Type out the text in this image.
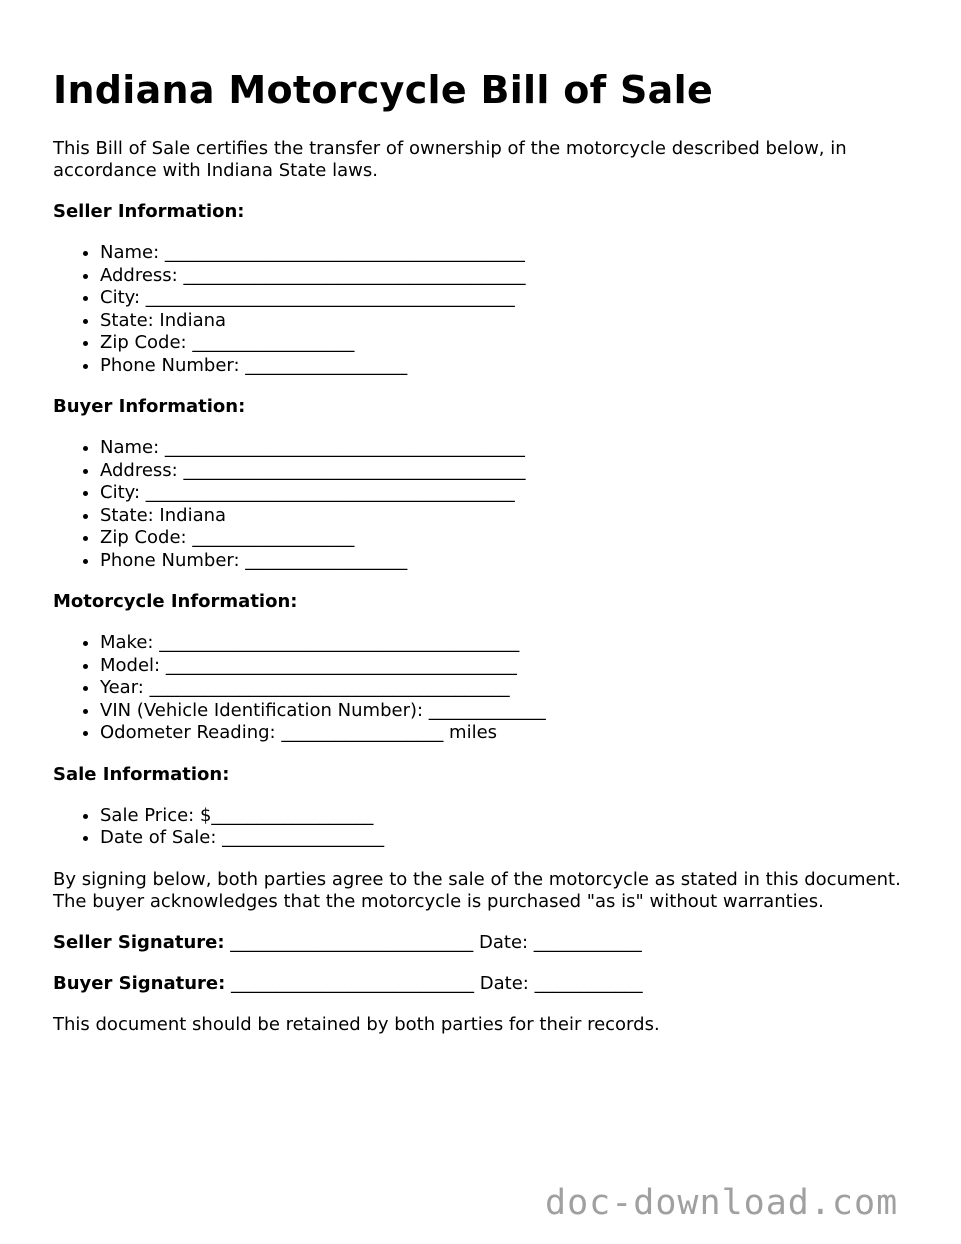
Indiana Motorcycle Bill of Sale

This Bill of Sale certifies the transfer of ownership of the motorcycle described below, in accordance with Indiana State laws.

Seller Information:
• Name: ________________________________________
• Address: ______________________________________
• City: _________________________________________
• State: Indiana
• Zip Code: __________________
• Phone Number: __________________
Buyer Information:
• Name: ________________________________________
• Address: ______________________________________
• City: _________________________________________
• State: Indiana
• Zip Code: __________________
• Phone Number: __________________
Motorcycle Information:
• Make: ________________________________________
• Model: _______________________________________
• Year: ________________________________________
• VIN (Vehicle Identification Number): _____________
• Odometer Reading: __________________ miles
Sale Information:
• Sale Price: $__________________
• Date of Sale: __________________

By signing below, both parties agree to the sale of the motorcycle as stated in this document. The buyer acknowledges that the motorcycle is purchased "as is" without warranties.

Seller Signature: ___________________________ Date: ____________
Buyer Signature: ___________________________ Date: ____________

This document should be retained by both parties for their records.

doc-download.com
